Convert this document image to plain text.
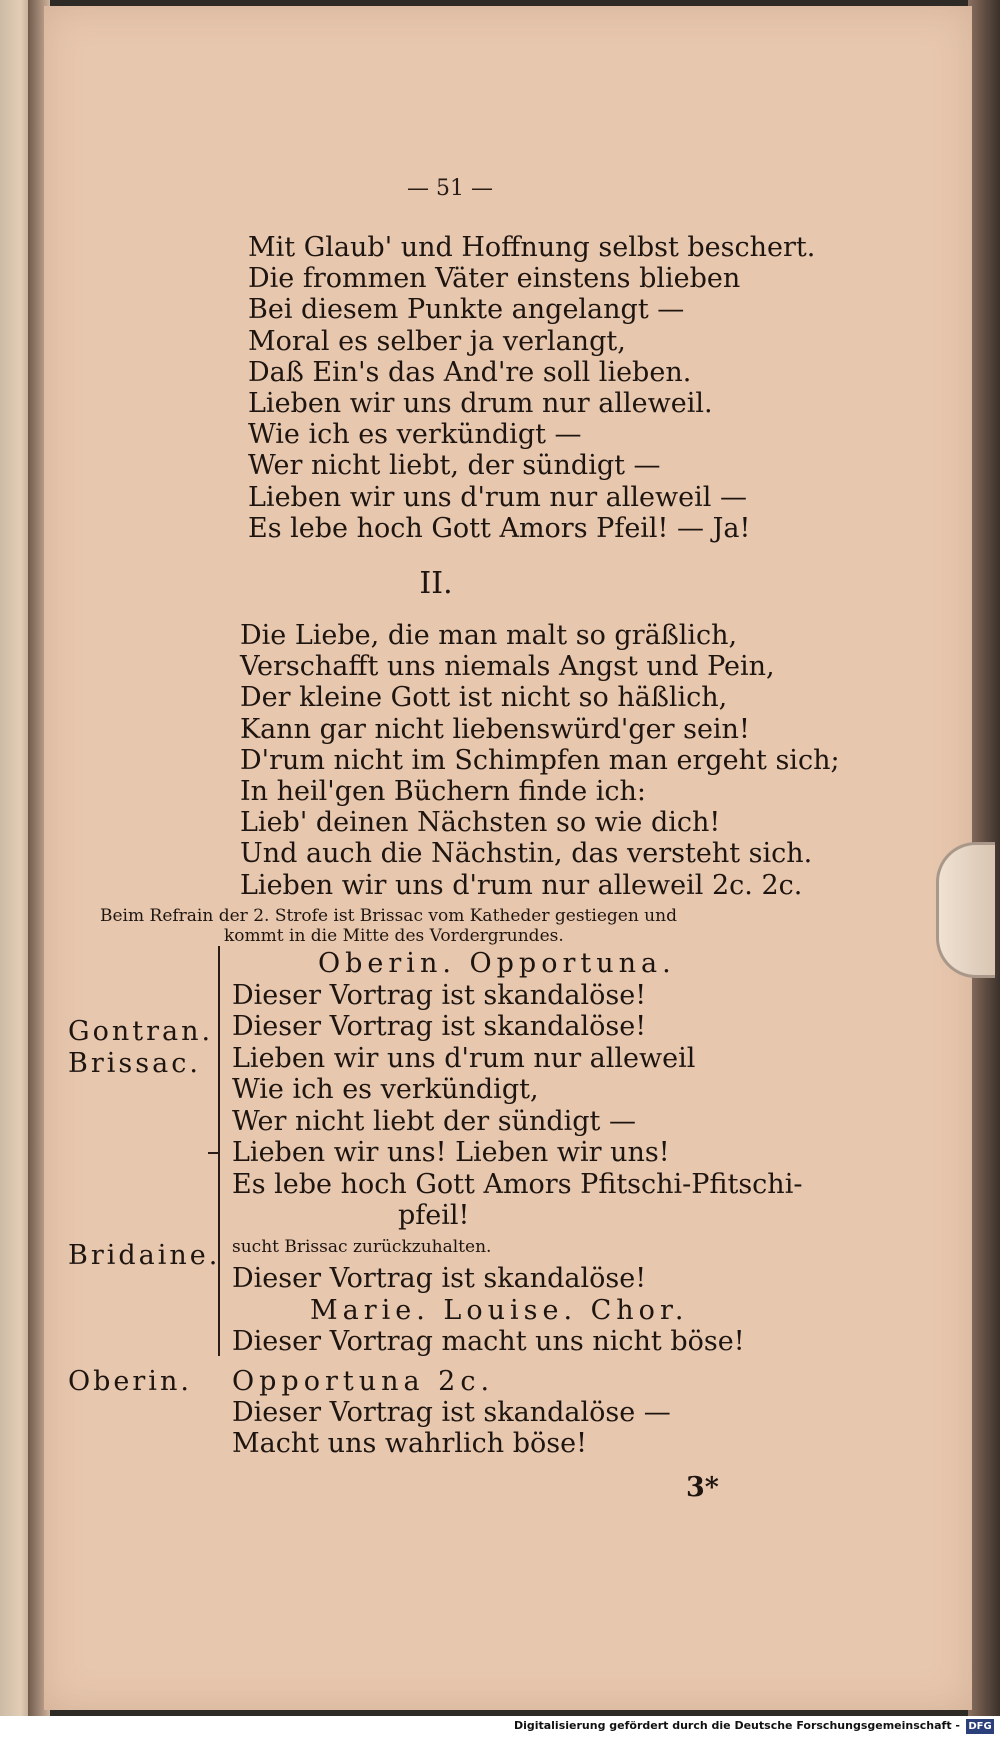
— 51 —
Mit Glaub' und Hoffnung selbst beschert.
Die frommen Väter einstens blieben
Bei diesem Punkte angelangt —
Moral es selber ja verlangt,
Daß Ein's das And're soll lieben.
Lieben wir uns drum nur alleweil.
Wie ich es verkündigt —
Wer nicht liebt, der sündigt —
Lieben wir uns d'rum nur alleweil —
Es lebe hoch Gott Amors Pfeil! — Ja!
II.
Die Liebe, die man malt so gräßlich,
Verschafft uns niemals Angst und Pein,
Der kleine Gott ist nicht so häßlich,
Kann gar nicht liebenswürd'ger sein!
D'rum nicht im Schimpfen man ergeht sich;
In heil'gen Büchern finde ich:
Lieb' deinen Nächsten so wie dich!
Und auch die Nächstin, das versteht sich.
Lieben wir uns d'rum nur alleweil 2c. 2c.
Beim Refrain der 2. Strofe ist Brissac vom Katheder gestiegen und
kommt in die Mitte des Vordergrundes.
Gontran.
Brissac.
Bridaine.
Oberin.
Oberin. Opportuna.
Dieser Vortrag ist skandalöse!
Dieser Vortrag ist skandalöse!
Lieben wir uns d'rum nur alleweil
Wie ich es verkündigt,
Wer nicht liebt der sündigt —
Lieben wir uns! Lieben wir uns!
Es lebe hoch Gott Amors Pfitschi-Pfitschi-
pfeil!
sucht Brissac zurückzuhalten.
Dieser Vortrag ist skandalöse!
Marie. Louise. Chor.
Dieser Vortrag macht uns nicht böse!
Opportuna 2c.
Dieser Vortrag ist skandalöse —
Macht uns wahrlich böse!
3*
Digitalisierung gefördert durch die Deutsche Forschungsgemeinschaft - DFG
